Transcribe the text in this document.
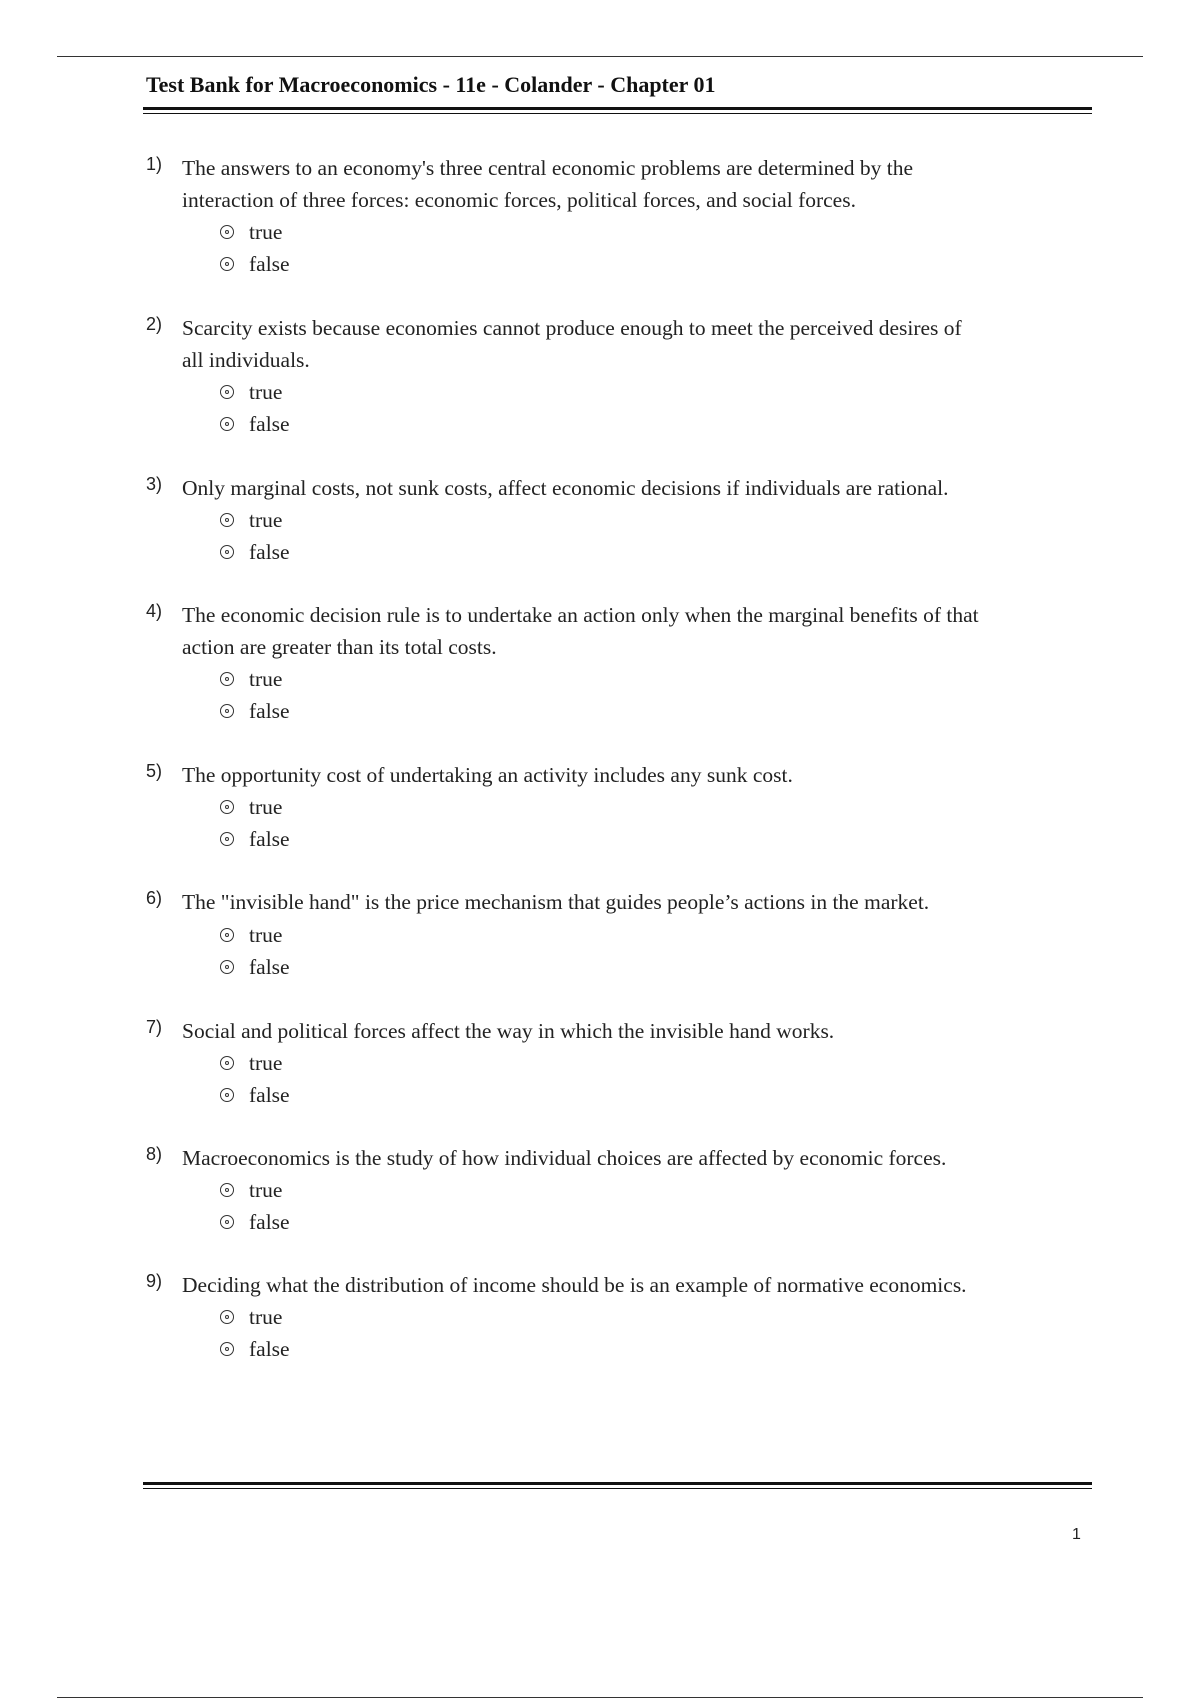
Test Bank for Macroeconomics - 11e - Colander - Chapter 01
1) The answers to an economy's three central economic problems are determined by the
interaction of three forces: economic forces, political forces, and social forces.
true
false
2) Scarcity exists because economies cannot produce enough to meet the perceived desires of
all individuals.
true
false
3) Only marginal costs, not sunk costs, affect economic decisions if individuals are rational.
true
false
4) The economic decision rule is to undertake an action only when the marginal benefits of that
action are greater than its total costs.
true
false
5) The opportunity cost of undertaking an activity includes any sunk cost.
true
false
6) The "invisible hand" is the price mechanism that guides people’s actions in the market.
true
false
7) Social and political forces affect the way in which the invisible hand works.
true
false
8) Macroeconomics is the study of how individual choices are affected by economic forces.
true
false
9) Deciding what the distribution of income should be is an example of normative economics.
true
false
1
